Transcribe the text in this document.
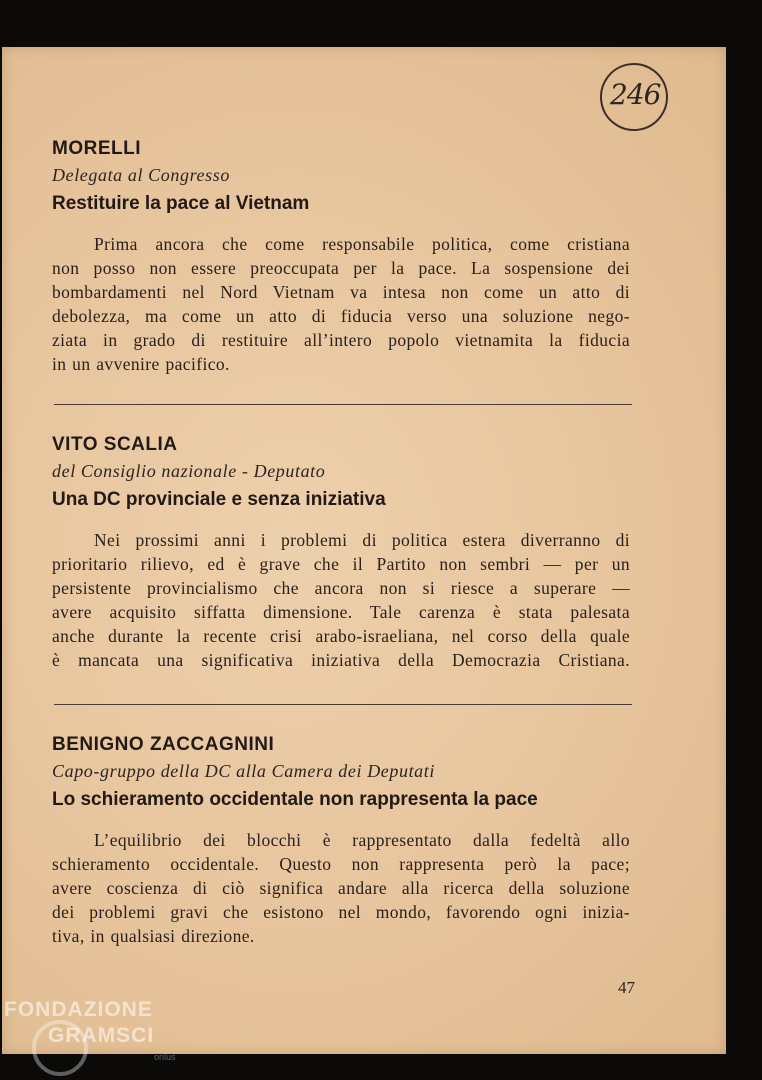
246
MORELLI
Delegata al Congresso
Restituire la pace al Vietnam
Prima ancora che come responsabile politica, come cristiana
non posso non essere preoccupata per la pace. La sospensione dei
bombardamenti nel Nord Vietnam va intesa non come un atto di
debolezza, ma come un atto di fiducia verso una soluzione nego-
ziata in grado di restituire all’intero popolo vietnamita la fiducia
in un avvenire pacifico.
VITO SCALIA
del Consiglio nazionale - Deputato
Una DC provinciale e senza iniziativa
Nei prossimi anni i problemi di politica estera diverranno di
prioritario rilievo, ed è grave che il Partito non sembri — per un
persistente provincialismo che ancora non si riesce a superare —
avere acquisito siffatta dimensione. Tale carenza è stata palesata
anche durante la recente crisi arabo-israeliana, nel corso della quale
è mancata una significativa iniziativa della Democrazia Cristiana.
BENIGNO ZACCAGNINI
Capo-gruppo della DC alla Camera dei Deputati
Lo schieramento occidentale non rappresenta la pace
L’equilibrio dei blocchi è rappresentato dalla fedeltà allo
schieramento occidentale. Questo non rappresenta però la pace;
avere coscienza di ciò significa andare alla ricerca della soluzione
dei problemi gravi che esistono nel mondo, favorendo ogni inizia-
tiva, in qualsiasi direzione.
47
FONDAZIONE
GRAMSCI
onlus
